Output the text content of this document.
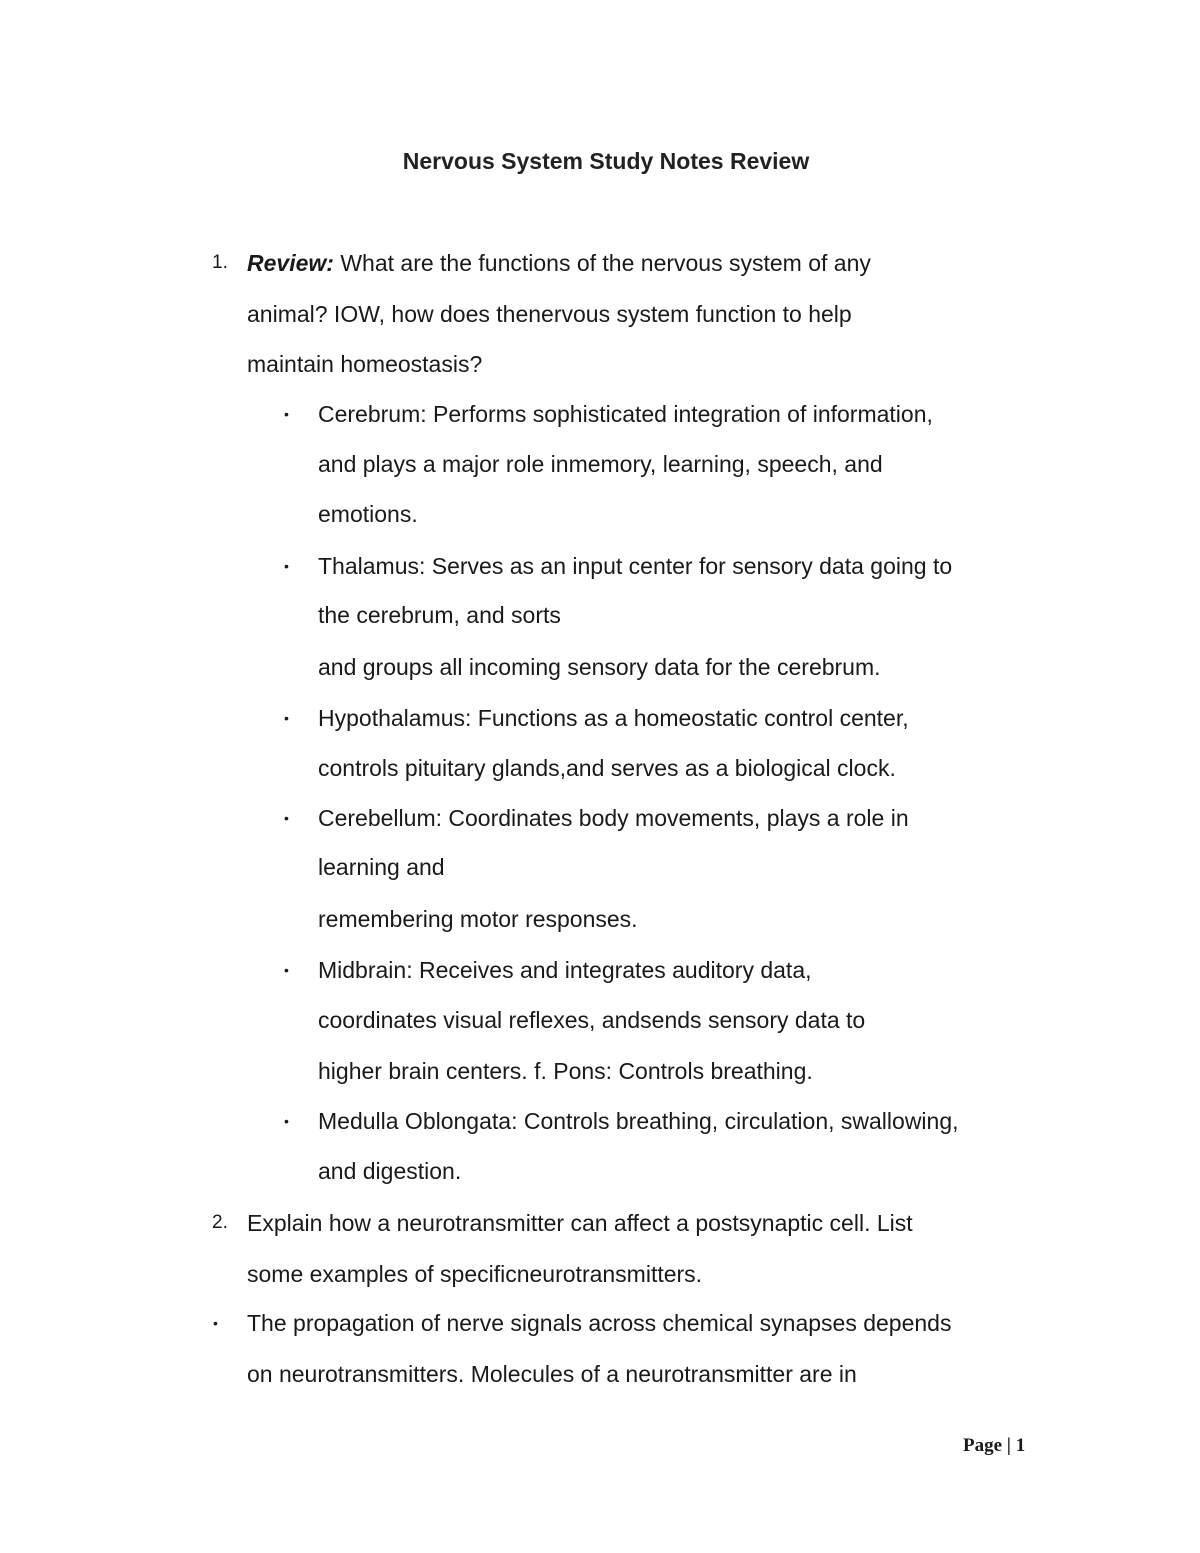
Nervous System Study Notes Review
1. Review: What are the functions of the nervous system of any
animal? IOW, how does thenervous system function to help
maintain homeostasis?
• Cerebrum: Performs sophisticated integration of information,
and plays a major role inmemory, learning, speech, and
emotions.
• Thalamus: Serves as an input center for sensory data going to
the cerebrum, and sorts
and groups all incoming sensory data for the cerebrum.
• Hypothalamus: Functions as a homeostatic control center,
controls pituitary glands,and serves as a biological clock.
• Cerebellum: Coordinates body movements, plays a role in
learning and
remembering motor responses.
• Midbrain: Receives and integrates auditory data,
coordinates visual reflexes, andsends sensory data to
higher brain centers. f. Pons: Controls breathing.
• Medulla Oblongata: Controls breathing, circulation, swallowing,
and digestion.
2. Explain how a neurotransmitter can affect a postsynaptic cell. List
some examples of specificneurotransmitters.
• The propagation of nerve signals across chemical synapses depends
on neurotransmitters. Molecules of a neurotransmitter are in
Page | 1
